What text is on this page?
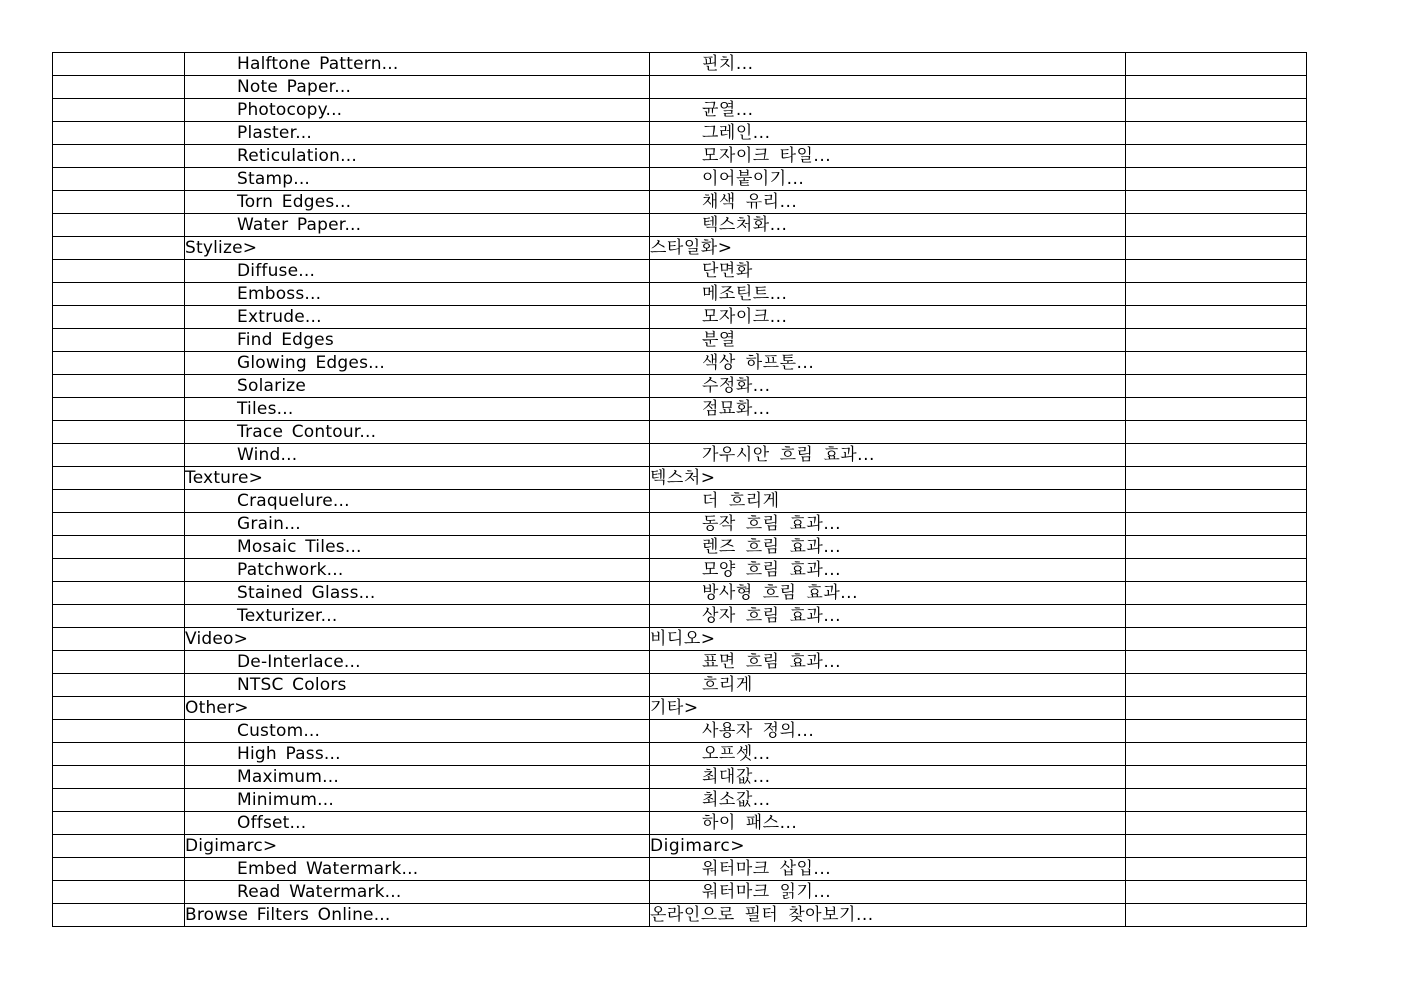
	Halftone Pattern...	핀치...	
	Note Paper...		
	Photocopy...	균열...	
	Plaster...	그레인...	
	Reticulation...	모자이크 타일...	
	Stamp...	이어붙이기...	
	Torn Edges...	채색 유리...	
	Water Paper...	텍스처화...	
	Stylize>	스타일화>	
	Diffuse...	단면화	
	Emboss...	메조틴트...	
	Extrude...	모자이크...	
	Find Edges	분열	
	Glowing Edges...	색상 하프톤...	
	Solarize	수정화...	
	Tiles...	점묘화...	
	Trace Contour...		
	Wind...	가우시안 흐림 효과...	
	Texture>	텍스처>	
	Craquelure...	더 흐리게	
	Grain...	동작 흐림 효과...	
	Mosaic Tiles...	렌즈 흐림 효과...	
	Patchwork...	모양 흐림 효과...	
	Stained Glass...	방사형 흐림 효과...	
	Texturizer...	상자 흐림 효과...	
	Video>	비디오>	
	De-Interlace...	표면 흐림 효과...	
	NTSC Colors	흐리게	
	Other>	기타>	
	Custom...	사용자 정의...	
	High Pass...	오프셋...	
	Maximum...	최대값...	
	Minimum...	최소값...	
	Offset...	하이 패스...	
	Digimarc>	Digimarc>	
	Embed Watermark...	워터마크 삽입...	
	Read Watermark...	워터마크 읽기...	
	Browse Filters Online...	온라인으로 필터 찾아보기...	
